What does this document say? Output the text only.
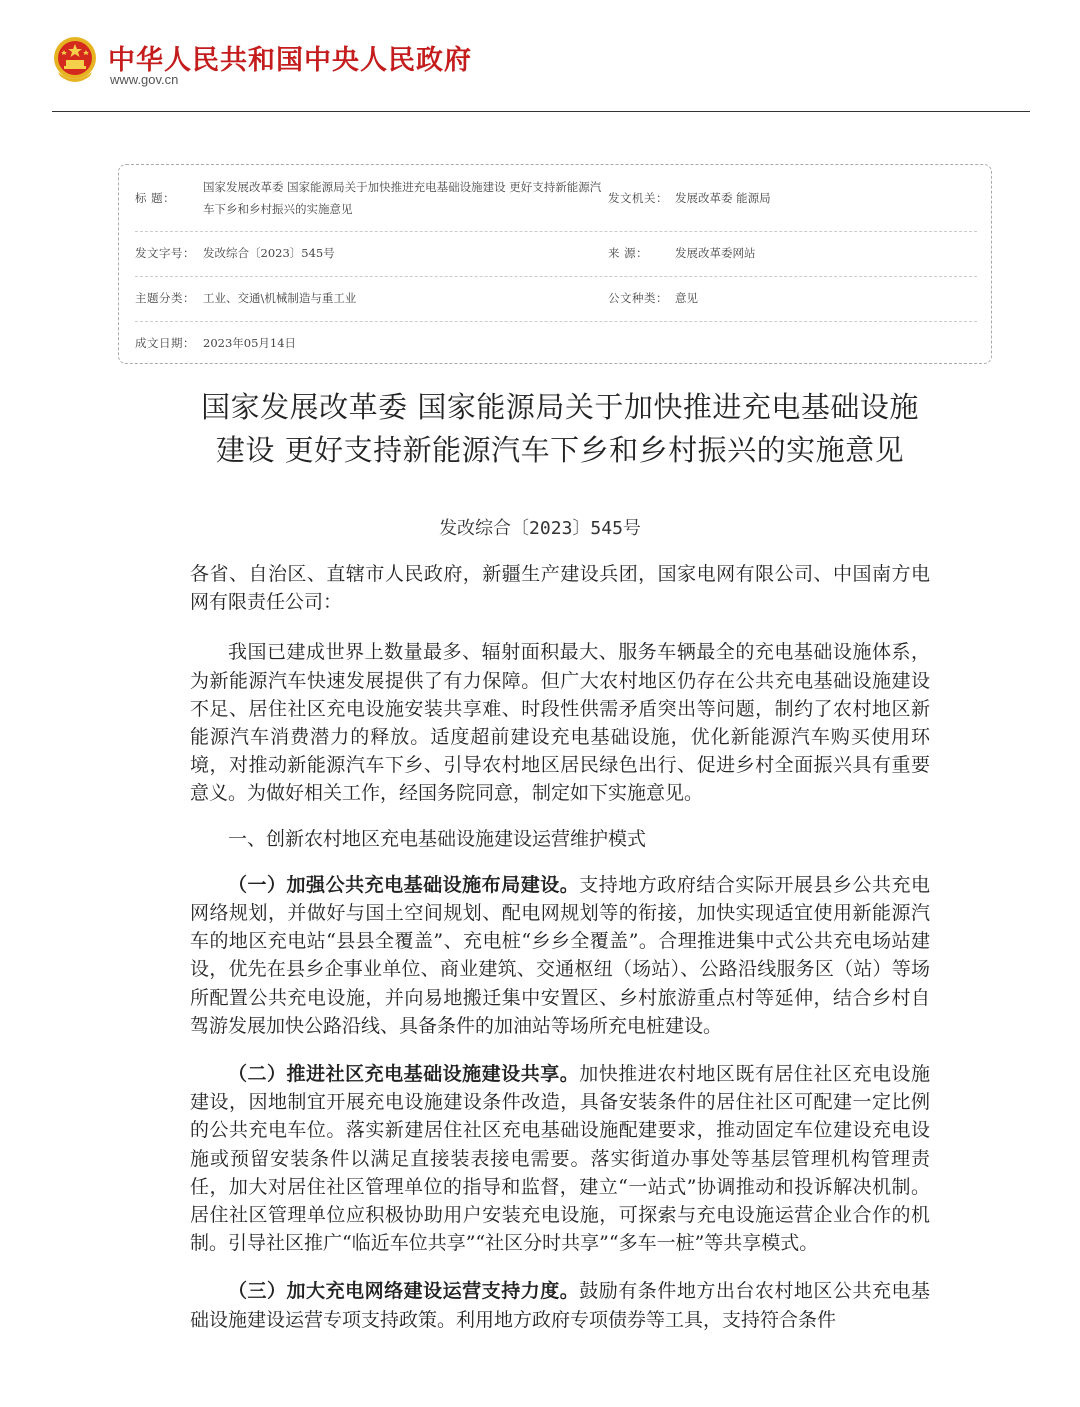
中华人民共和国中央人民政府
www.gov.cn
标 题：
国家发展改革委 国家能源局关于加快推进充电基础设施建设 更好支持新能源汽车下乡和乡村振兴的实施意见
发文机关： 发展改革委 能源局
发文字号： 发改综合〔2023〕545号	来 源： 发展改革委网站
主题分类： 工业、交通\机械制造与重工业	公文种类： 意见
成文日期： 2023年05月14日
国家发展改革委 国家能源局关于加快推进充电基础设施建设 更好支持新能源汽车下乡和乡村振兴的实施意见
发改综合〔2023〕545号

各省、自治区、直辖市人民政府，新疆生产建设兵团，国家电网有限公司、中国南方电网有限责任公司：

我国已建成世界上数量最多、辐射面积最大、服务车辆最全的充电基础设施体系，为新能源汽车快速发展提供了有力保障。但广大农村地区仍存在公共充电基础设施建设不足、居住社区充电设施安装共享难、时段性供需矛盾突出等问题，制约了农村地区新能源汽车消费潜力的释放。适度超前建设充电基础设施，优化新能源汽车购买使用环境，对推动新能源汽车下乡、引导农村地区居民绿色出行、促进乡村全面振兴具有重要意义。为做好相关工作，经国务院同意，制定如下实施意见。

一、创新农村地区充电基础设施建设运营维护模式

（一）加强公共充电基础设施布局建设。支持地方政府结合实际开展县乡公共充电网络规划，并做好与国土空间规划、配电网规划等的衔接，加快实现适宜使用新能源汽车的地区充电站“县县全覆盖”、充电桩“乡乡全覆盖”。合理推进集中式公共充电场站建设，优先在县乡企事业单位、商业建筑、交通枢纽（场站）、公路沿线服务区（站）等场所配置公共充电设施，并向易地搬迁集中安置区、乡村旅游重点村等延伸，结合乡村自驾游发展加快公路沿线、具备条件的加油站等场所充电桩建设。

（二）推进社区充电基础设施建设共享。加快推进农村地区既有居住社区充电设施建设，因地制宜开展充电设施建设条件改造，具备安装条件的居住社区可配建一定比例的公共充电车位。落实新建居住社区充电基础设施配建要求，推动固定车位建设充电设施或预留安装条件以满足直接装表接电需要。落实街道办事处等基层管理机构管理责任，加大对居住社区管理单位的指导和监督，建立“一站式”协调推动和投诉解决机制。居住社区管理单位应积极协助用户安装充电设施，可探索与充电设施运营企业合作的机制。引导社区推广“临近车位共享”“社区分时共享”“多车一桩”等共享模式。

（三）加大充电网络建设运营支持力度。鼓励有条件地方出台农村地区公共充电基础设施建设运营专项支持政策。利用地方政府专项债券等工具，支持符合条件
